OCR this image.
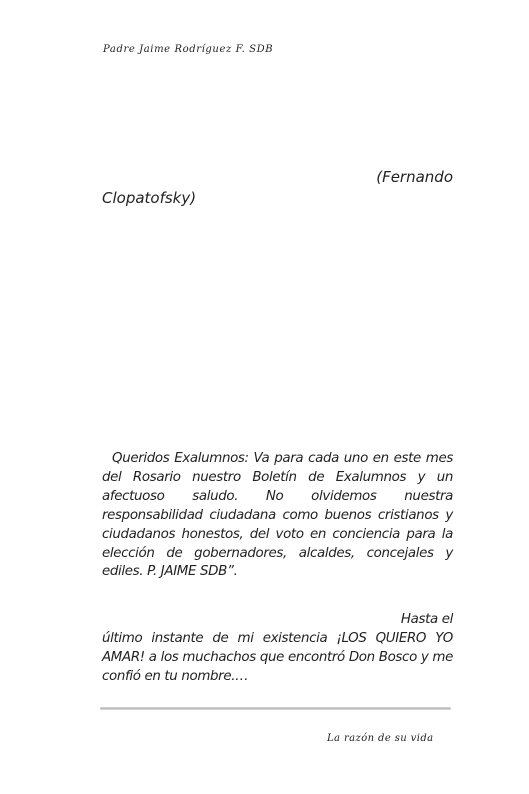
Padre Jaime Rodríguez F. SDB
(Fernando
Clopatofsky)
Queridos Exalumnos: Va para cada uno en este mes del Rosario nuestro Boletín de Exalumnos y un afectuoso saludo. No olvidemos nuestra responsabilidad ciudadana como buenos cristianos y ciudadanos honestos, del voto en conciencia para la elección de gobernadores, alcaldes, concejales y ediles. P. JAIME SDB”.
Hasta el
último instante de mi existencia ¡LOS QUIERO YO AMAR! a los muchachos que encontró Don Bosco y me confió en tu nombre.…
La razón de su vida
